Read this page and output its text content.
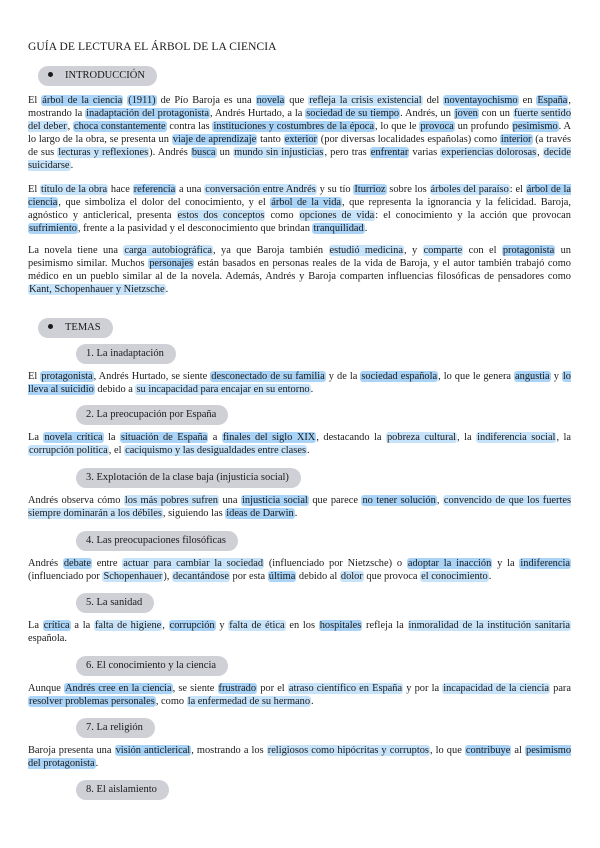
GUÍA DE LECTURA EL ÁRBOL DE LA CIENCIA
INTRODUCCIÓN
El árbol de la ciencia (1911) de Pío Baroja es una novela que refleja la crisis existencial del noventayochismo en España, mostrando la inadaptación del protagonista, Andrés Hurtado, a la sociedad de su tiempo. Andrés, un joven con un fuerte sentido del deber, choca constantemente contra las instituciones y costumbres de la época, lo que le provoca un profundo pesimismo. A lo largo de la obra, se presenta un viaje de aprendizaje tanto exterior (por diversas localidades españolas) como interior (a través de sus lecturas y reflexiones). Andrés busca un mundo sin injusticias, pero tras enfrentar varias experiencias dolorosas, decide suicidarse.
El título de la obra hace referencia a una conversación entre Andrés y su tío Iturrioz sobre los árboles del paraíso: el árbol de la ciencia, que simboliza el dolor del conocimiento, y el árbol de la vida, que representa la ignorancia y la felicidad. Baroja, agnóstico y anticlerical, presenta estos dos conceptos como opciones de vida: el conocimiento y la acción que provocan sufrimiento, frente a la pasividad y el desconocimiento que brindan tranquilidad.
La novela tiene una carga autobiográfica, ya que Baroja también estudió medicina, y comparte con el protagonista un pesimismo similar. Muchos personajes están basados en personas reales de la vida de Baroja, y el autor también trabajó como médico en un pueblo similar al de la novela. Además, Andrés y Baroja comparten influencias filosóficas de pensadores como Kant, Schopenhauer y Nietzsche.
TEMAS
1. La inadaptación
El protagonista, Andrés Hurtado, se siente desconectado de su familia y de la sociedad española, lo que le genera angustia y lo lleva al suicidio debido a su incapacidad para encajar en su entorno.
2. La preocupación por España
La novela crítica la situación de España a finales del siglo XIX, destacando la pobreza cultural, la indiferencia social, la corrupción política, el caciquismo y las desigualdades entre clases.
3. Explotación de la clase baja (injusticia social)
Andrés observa cómo los más pobres sufren una injusticia social que parece no tener solución, convencido de que los fuertes siempre dominarán a los débiles, siguiendo las ideas de Darwin.
4. Las preocupaciones filosóficas
Andrés debate entre actuar para cambiar la sociedad (influenciado por Nietzsche) o adoptar la inacción y la indiferencia (influenciado por Schopenhauer), decantándose por esta última debido al dolor que provoca el conocimiento.
5. La sanidad
La crítica a la falta de higiene, corrupción y falta de ética en los hospitales refleja la inmoralidad de la institución sanitaria española.
6. El conocimiento y la ciencia
Aunque Andrés cree en la ciencia, se siente frustrado por el atraso científico en España y por la incapacidad de la ciencia para resolver problemas personales, como la enfermedad de su hermano.
7. La religión
Baroja presenta una visión anticlerical, mostrando a los religiosos como hipócritas y corruptos, lo que contribuye al pesimismo del protagonista.
8. El aislamiento
